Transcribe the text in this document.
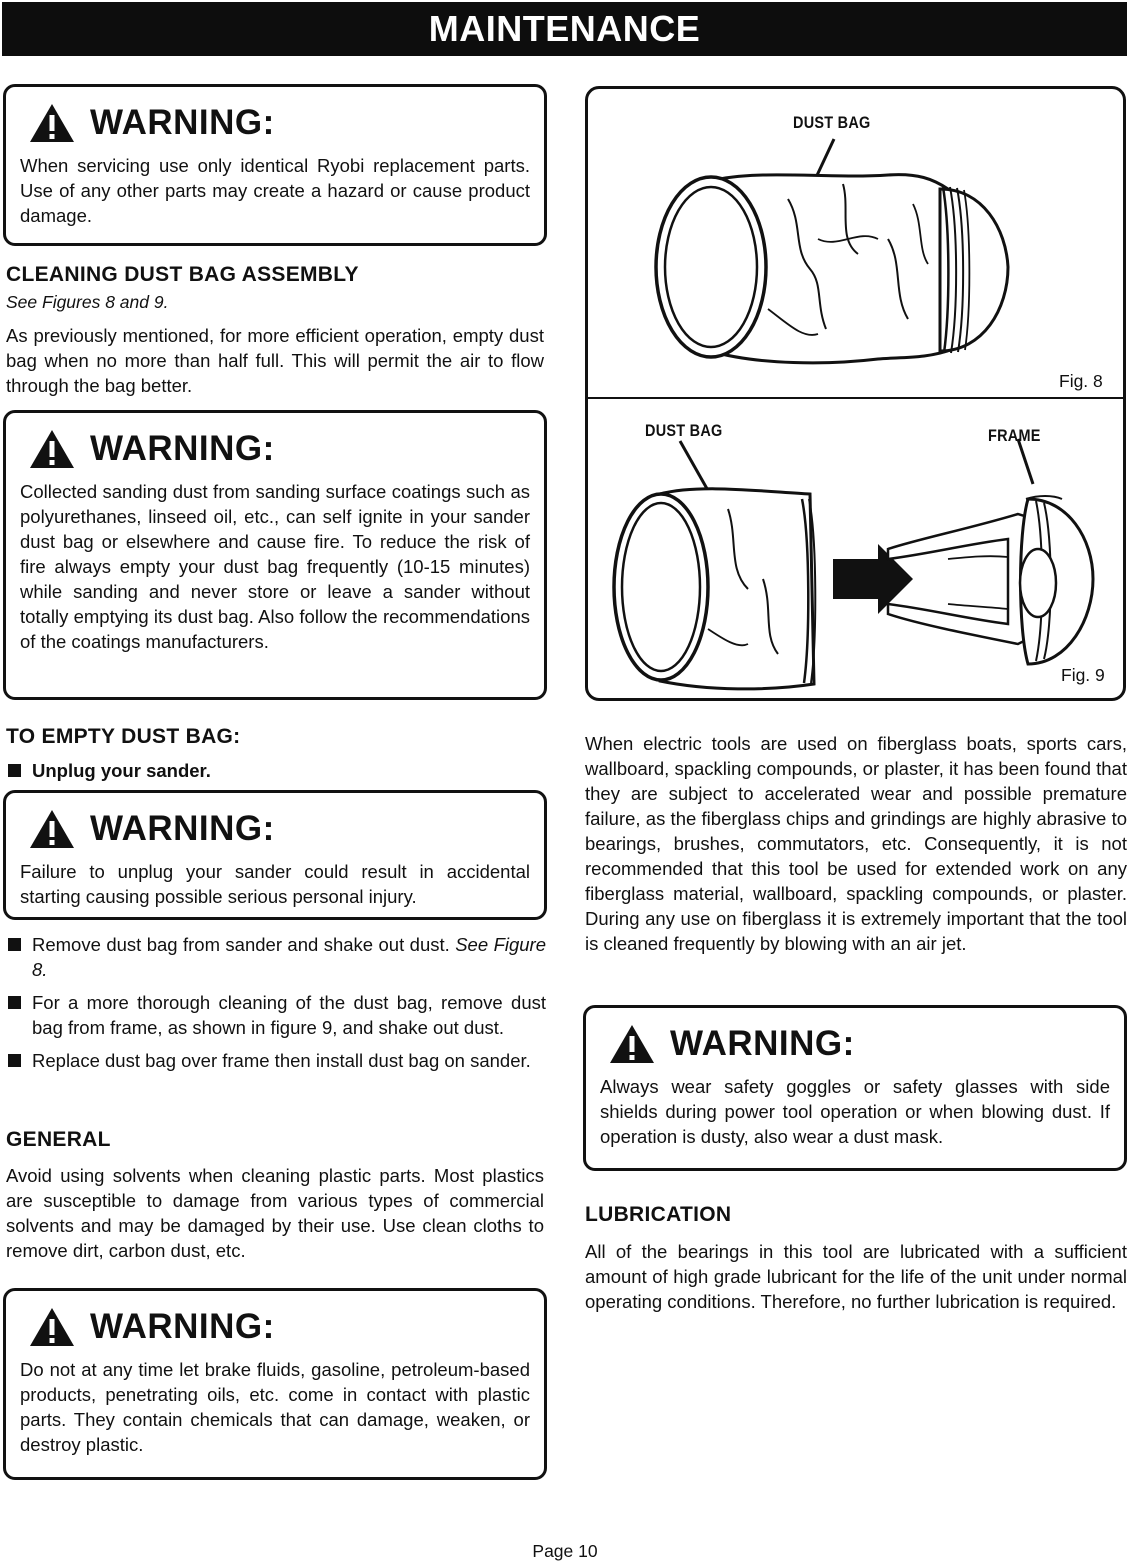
MAINTENANCE
WARNING:
When servicing use only identical Ryobi replacement parts. Use of any other parts may create a hazard or cause product damage.
CLEANING DUST BAG ASSEMBLY
See Figures 8 and 9.
As previously mentioned, for more efficient operation, empty dust bag when no more than half full. This will permit the air to flow through the bag better.
WARNING:
Collected sanding dust from sanding surface coatings such as polyurethanes, linseed oil, etc., can self ignite in your sander dust bag or elsewhere and cause fire. To reduce the risk of fire always empty your dust bag frequently (10-15 minutes) while sanding and never store or leave a sander without totally emptying its dust bag. Also follow the recommendations of the coatings manufacturers.
TO EMPTY DUST BAG:
Unplug your sander.
WARNING:
Failure to unplug your sander could result in accidental starting causing possible serious personal injury.
Remove dust bag from sander and shake out dust. See Figure 8.
For a more thorough cleaning of the dust bag, remove dust bag from frame, as shown in figure 9, and shake out dust.
Replace dust bag over frame then install dust bag on sander.
GENERAL
Avoid using solvents when cleaning plastic parts. Most plastics are susceptible to damage from various types of commercial solvents and may be damaged by their use. Use clean cloths to remove dirt, carbon dust, etc.
WARNING:
Do not at any time let brake fluids, gasoline, petroleum-based products, penetrating oils, etc. come in contact with plastic parts. They contain chemicals that can damage, weaken, or destroy plastic.
DUST BAG
Fig. 8
DUST BAG	FRAME
Fig. 9
When electric tools are used on fiberglass boats, sports cars, wallboard, spackling compounds, or plaster, it has been found that they are subject to accelerated wear and possible premature failure, as the fiberglass chips and grindings are highly abrasive to bearings, brushes, commutators, etc. Consequently, it is not recommended that this tool be used for extended work on any fiberglass material, wallboard, spackling compounds, or plaster. During any use on fiberglass it is extremely important that the tool is cleaned frequently by blowing with an air jet.
WARNING:
Always wear safety goggles or safety glasses with side shields during power tool operation or when blowing dust. If operation is dusty, also wear a dust mask.
LUBRICATION
All of the bearings in this tool are lubricated with a sufficient amount of high grade lubricant for the life of the unit under normal operating conditions. Therefore, no further lubrication is required.
Page 10
